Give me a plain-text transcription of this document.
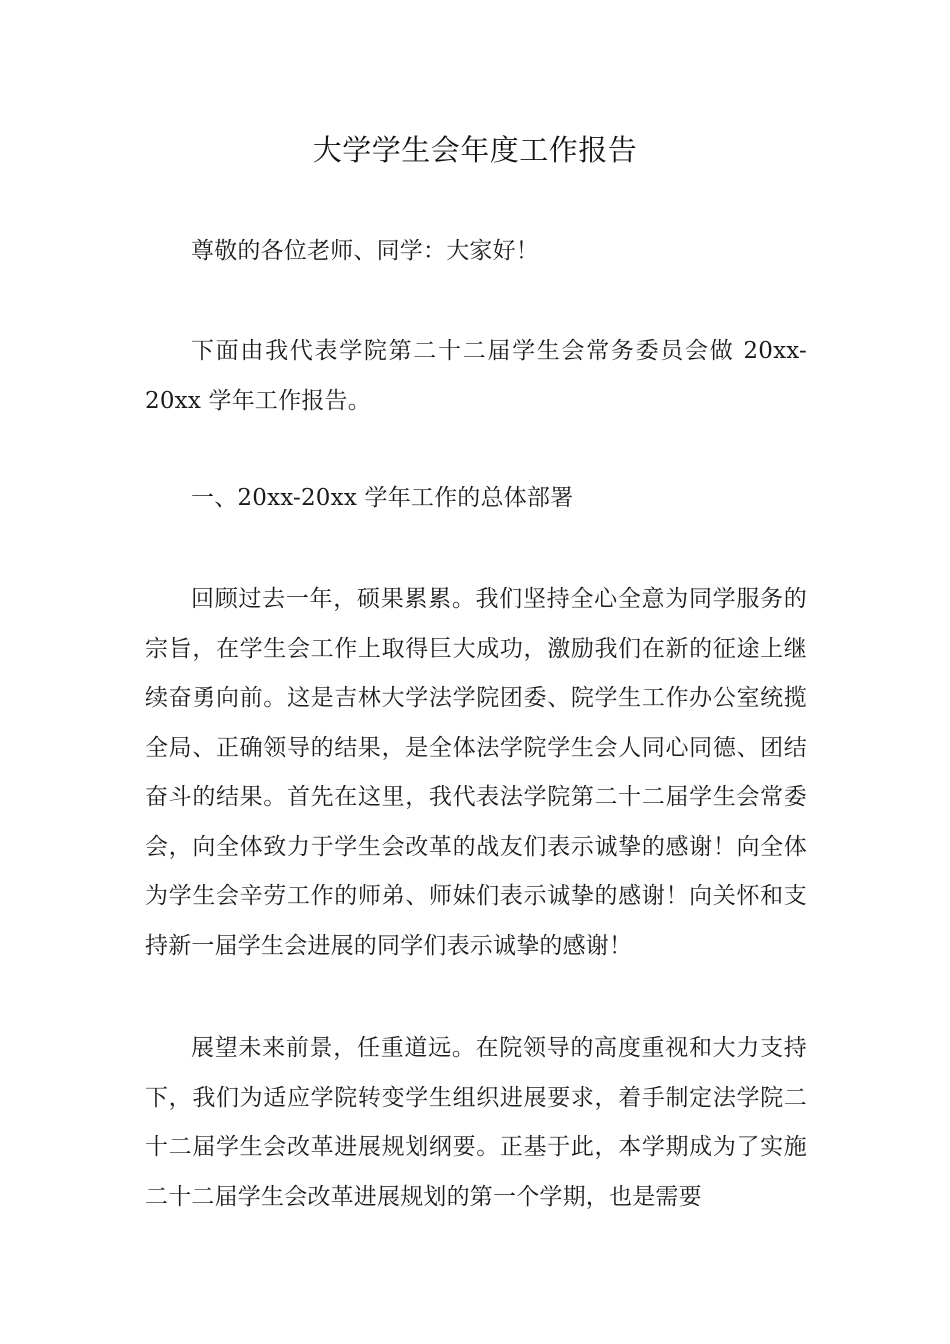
大学学生会年度工作报告

尊敬的各位老师、同学：大家好！

下面由我代表学院第二十二届学生会常务委员会做 20xx-20xx 学年工作报告。

一、20xx-20xx 学年工作的总体部署

回顾过去一年，硕果累累。我们坚持全心全意为同学服务的宗旨，在学生会工作上取得巨大成功，激励我们在新的征途上继续奋勇向前。这是吉林大学法学院团委、院学生工作办公室统揽全局、正确领导的结果，是全体法学院学生会人同心同德、团结奋斗的结果。首先在这里，我代表法学院第二十二届学生会常委会，向全体致力于学生会改革的战友们表示诚挚的感谢！向全体为学生会辛劳工作的师弟、师妹们表示诚挚的感谢！向关怀和支持新一届学生会进展的同学们表示诚挚的感谢！

展望未来前景，任重道远。在院领导的高度重视和大力支持下，我们为适应学院转变学生组织进展要求，着手制定法学院二十二届学生会改革进展规划纲要。正基于此，本学期成为了实施二十二届学生会改革进展规划的第一个学期，也是需要
